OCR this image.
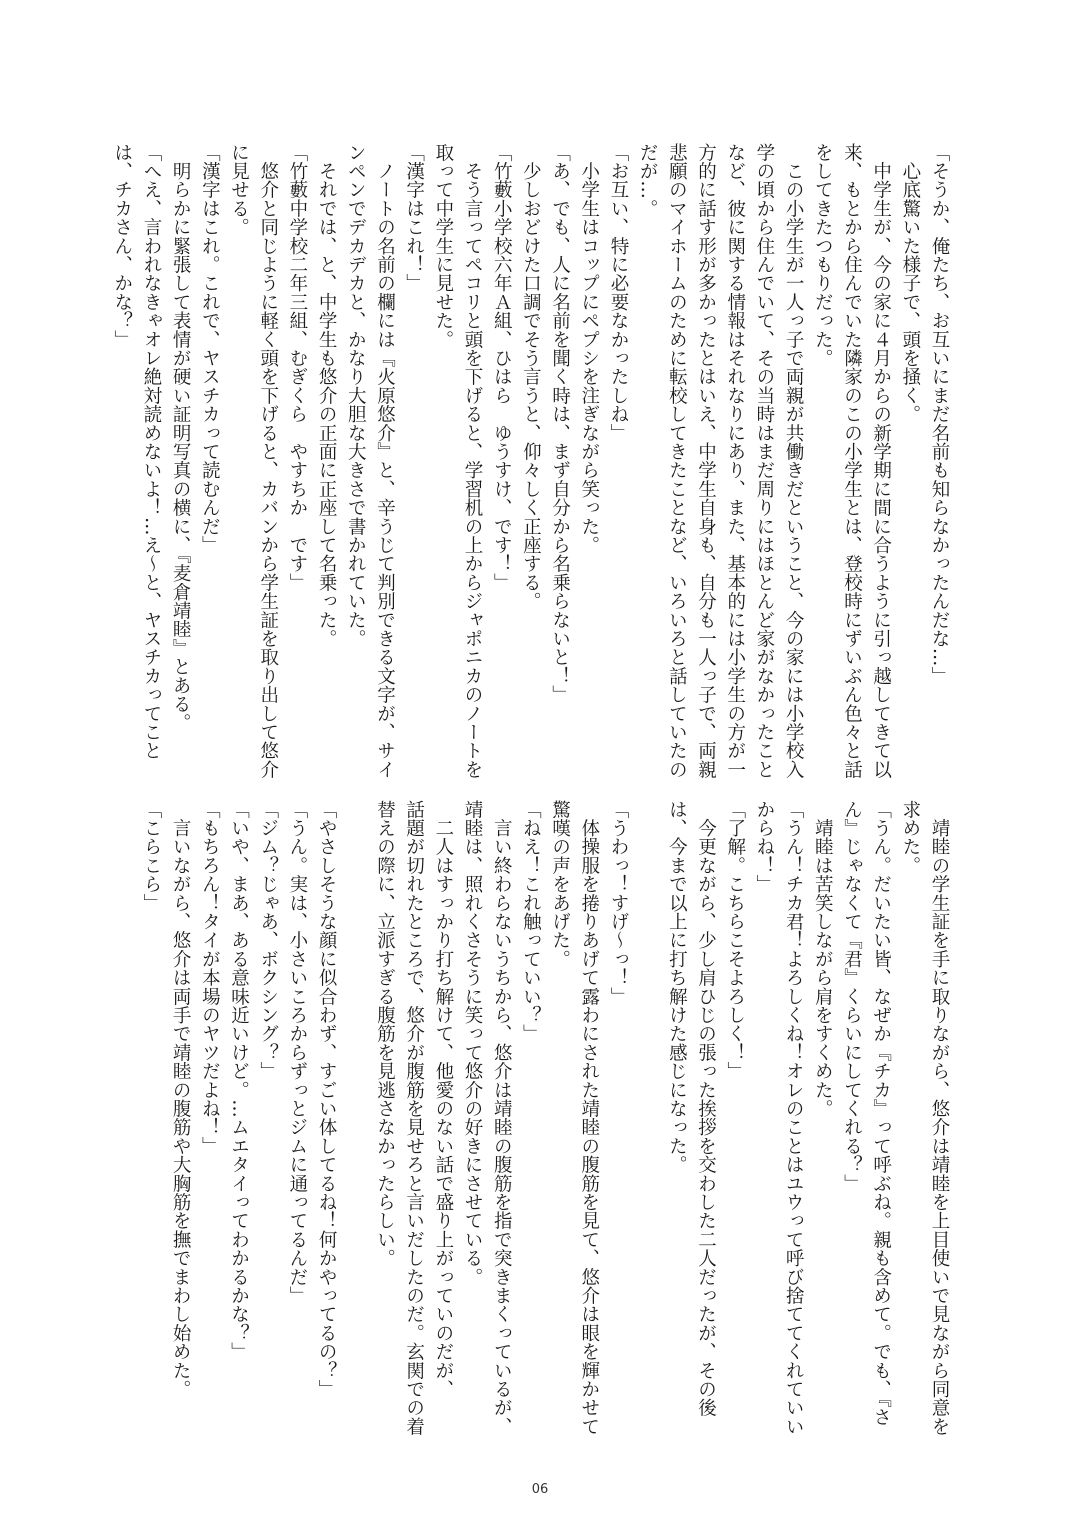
「そうか、俺たち、お互いにまだ名前も知らなかったんだな…」

　心底驚いた様子で、頭を掻く。

　中学生が、今の家に４月からの新学期に間に合うように引っ越してきて以

来、もとから住んでいた隣家のこの小学生とは、登校時にずいぶん色々と話

をしてきたつもりだった。

　この小学生が一人っ子で両親が共働きだということ、今の家には小学校入

学の頃から住んでいて、その当時はまだ周りにはほとんど家がなかったこと

など、彼に関する情報はそれなりにあり、また、基本的には小学生の方が一

方的に話す形が多かったとはいえ、中学生自身も、自分も一人っ子で、両親

悲願のマイホームのために転校してきたことなど、いろいろと話していたの

だが…。

「お互い、特に必要なかったしね」

　小学生はコップにペプシを注ぎながら笑った。

「あ、でも、人に名前を聞く時は、まず自分から名乗らないと！」

　少しおどけた口調でそう言うと、仰々しく正座する。

「竹藪小学校六年Ａ組、ひはら　ゆうすけ、です！」

　そう言ってペコリと頭を下げると、学習机の上からジャポニカのノートを

取って中学生に見せた。

「漢字はこれ！」

　ノートの名前の欄には『火原悠介』と、辛うじて判別できる文字が、サイ

ンペンでデカデカと、かなり大胆な大きさで書かれていた。

　それでは、と、中学生も悠介の正面に正座して名乗った。

「竹藪中学校二年三組、むぎくら　やすちか　です」

　悠介と同じように軽く頭を下げると、カバンから学生証を取り出して悠介

に見せる。

「漢字はこれ。これで、ヤスチカって読むんだ」

　明らかに緊張して表情が硬い証明写真の横に、『麦倉靖睦』とある。

「へえ、言われなきゃオレ絶対読めないよ！…え～と、ヤスチカってこと

は、チカさん、かな？」

　靖睦の学生証を手に取りながら、悠介は靖睦を上目使いで見ながら同意を

求めた。

「うん。だいたい皆、なぜか『チカ』って呼ぶね。親も含めて。でも、『さ

ん』じゃなくて『君』くらいにしてくれる？」

　靖睦は苦笑しながら肩をすくめた。

「うん！チカ君！よろしくね！オレのことはユウって呼び捨ててくれていい

からね！」

「了解。こちらこそよろしく！」

　今更ながら、少し肩ひじの張った挨拶を交わした二人だったが、その後

は、今まで以上に打ち解けた感じになった。

「うわっ！すげ～っ！」

　体操服を捲りあげて露わにされた靖睦の腹筋を見て、悠介は眼を輝かせて

驚嘆の声をあげた。

「ねえ！これ触っていい？」

　言い終わらないうちから、悠介は靖睦の腹筋を指で突きまくっているが、

靖睦は、照れくさそうに笑って悠介の好きにさせている。

　二人はすっかり打ち解けて、他愛のない話で盛り上がっていのだが、

話題が切れたところで、悠介が腹筋を見せろと言いだしたのだ。玄関での着

替えの際に、立派すぎる腹筋を見逃さなかったらしい。

「やさしそうな顔に似合わず、すごい体してるね！何かやってるの？」

「うん。実は、小さいころからずっとジムに通ってるんだ」

「ジム？じゃあ、ボクシング？」

「いや、まあ、ある意味近いけど。…ムエタイってわかるかな？」

「もちろん！タイが本場のヤツだよね！」

　言いながら、悠介は両手で靖睦の腹筋や大胸筋を撫でまわし始めた。

「こらこら」

06
